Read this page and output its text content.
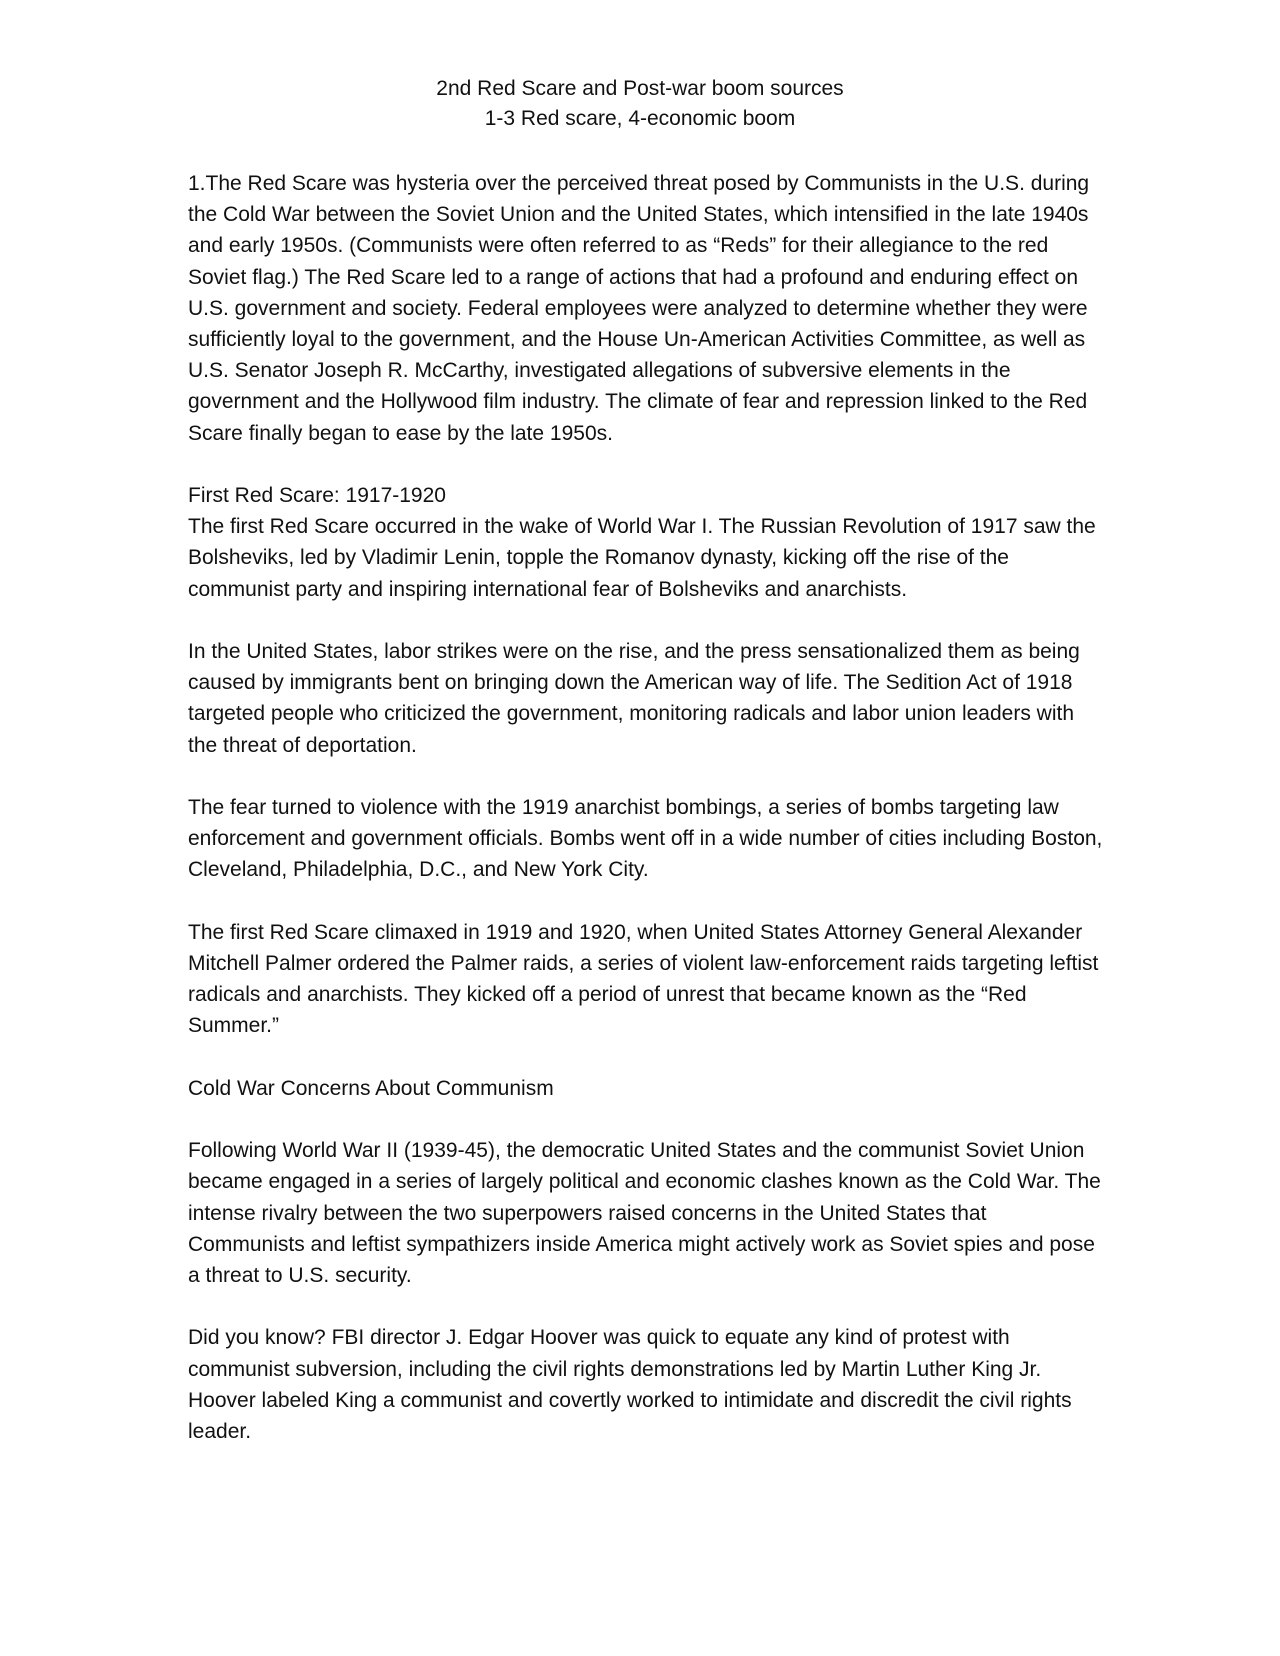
2nd Red Scare and Post-war boom sources
1-3 Red scare, 4-economic boom

1.The Red Scare was hysteria over the perceived threat posed by Communists in the U.S. during the Cold War between the Soviet Union and the United States, which intensified in the late 1940s and early 1950s. (Communists were often referred to as “Reds” for their allegiance to the red Soviet flag.) The Red Scare led to a range of actions that had a profound and enduring effect on U.S. government and society. Federal employees were analyzed to determine whether they were sufficiently loyal to the government, and the House Un-American Activities Committee, as well as U.S. Senator Joseph R. McCarthy, investigated allegations of subversive elements in the government and the Hollywood film industry. The climate of fear and repression linked to the Red Scare finally began to ease by the late 1950s.

First Red Scare: 1917-1920

The first Red Scare occurred in the wake of World War I. The Russian Revolution of 1917 saw the Bolsheviks, led by Vladimir Lenin, topple the Romanov dynasty, kicking off the rise of the communist party and inspiring international fear of Bolsheviks and anarchists.

In the United States, labor strikes were on the rise, and the press sensationalized them as being caused by immigrants bent on bringing down the American way of life. The Sedition Act of 1918 targeted people who criticized the government, monitoring radicals and labor union leaders with the threat of deportation.

The fear turned to violence with the 1919 anarchist bombings, a series of bombs targeting law enforcement and government officials. Bombs went off in a wide number of cities including Boston, Cleveland, Philadelphia, D.C., and New York City.

The first Red Scare climaxed in 1919 and 1920, when United States Attorney General Alexander Mitchell Palmer ordered the Palmer raids, a series of violent law-enforcement raids targeting leftist radicals and anarchists. They kicked off a period of unrest that became known as the “Red Summer.”

Cold War Concerns About Communism

Following World War II (1939-45), the democratic United States and the communist Soviet Union became engaged in a series of largely political and economic clashes known as the Cold War. The intense rivalry between the two superpowers raised concerns in the United States that Communists and leftist sympathizers inside America might actively work as Soviet spies and pose a threat to U.S. security.

Did you know? FBI director J. Edgar Hoover was quick to equate any kind of protest with communist subversion, including the civil rights demonstrations led by Martin Luther King Jr. Hoover labeled King a communist and covertly worked to intimidate and discredit the civil rights leader.
